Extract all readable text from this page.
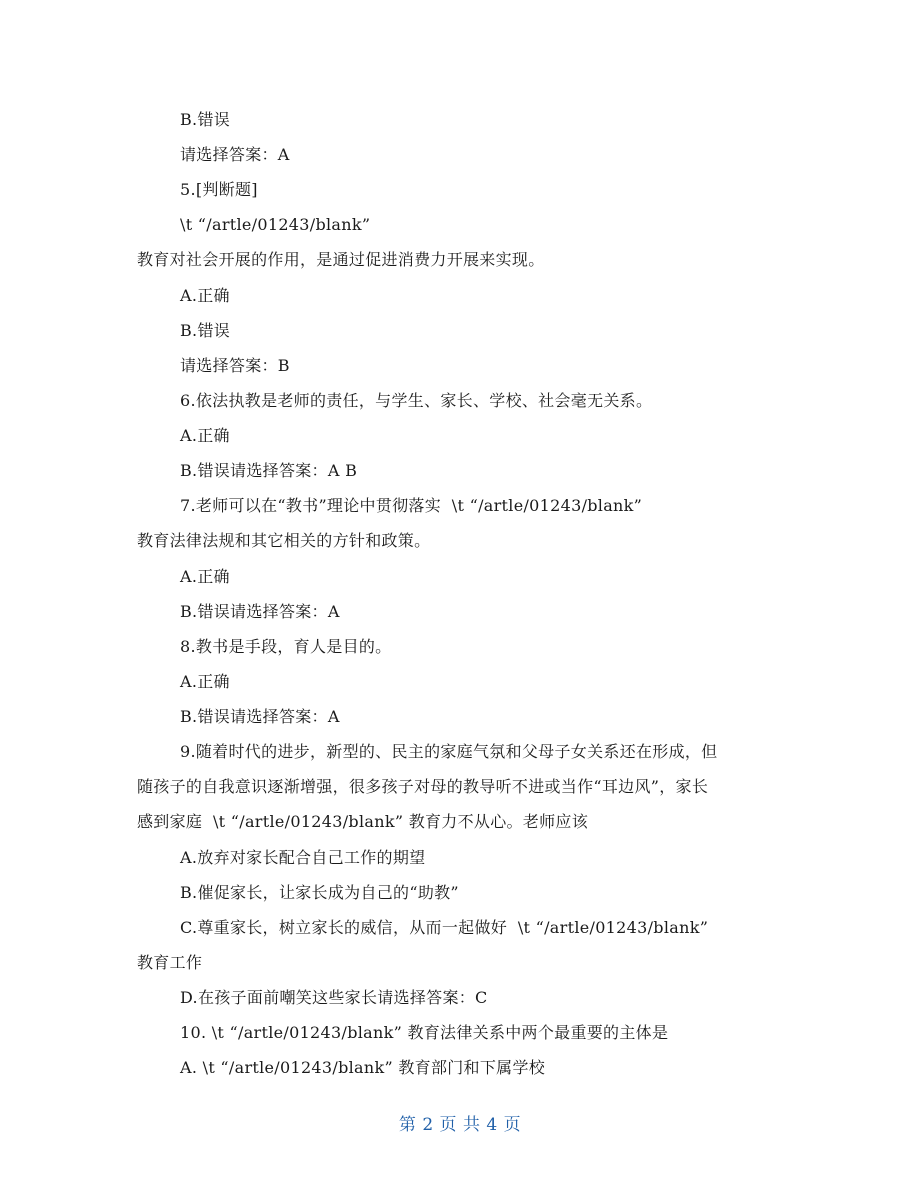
B.错误
请选择答案：A
5.[判断题]
\t “/artle/01243/blank”
教育对社会开展的作用，是通过促进消费力开展来实现。
A.正确
B.错误
请选择答案：B
6.依法执教是老师的责任，与学生、家长、学校、社会毫无关系。
A.正确
B.错误请选择答案：A B
7.老师可以在“教书”理论中贯彻落实  \t “/artle/01243/blank”
教育法律法规和其它相关的方针和政策。
A.正确
B.错误请选择答案：A
8.教书是手段，育人是目的。
A.正确
B.错误请选择答案：A
9.随着时代的进步，新型的、民主的家庭气氛和父母子女关系还在形成，但
随孩子的自我意识逐渐增强，很多孩子对母的教导听不进或当作“耳边风”，家长
感到家庭  \t “/artle/01243/blank” 教育力不从心。老师应该
A.放弃对家长配合自己工作的期望
B.催促家长，让家长成为自己的“助教”
C.尊重家长，树立家长的威信，从而一起做好  \t “/artle/01243/blank”
教育工作
D.在孩子面前嘲笑这些家长请选择答案：C
10. \t “/artle/01243/blank” 教育法律关系中两个最重要的主体是
A. \t “/artle/01243/blank” 教育部门和下属学校
第 2 页 共 4 页
